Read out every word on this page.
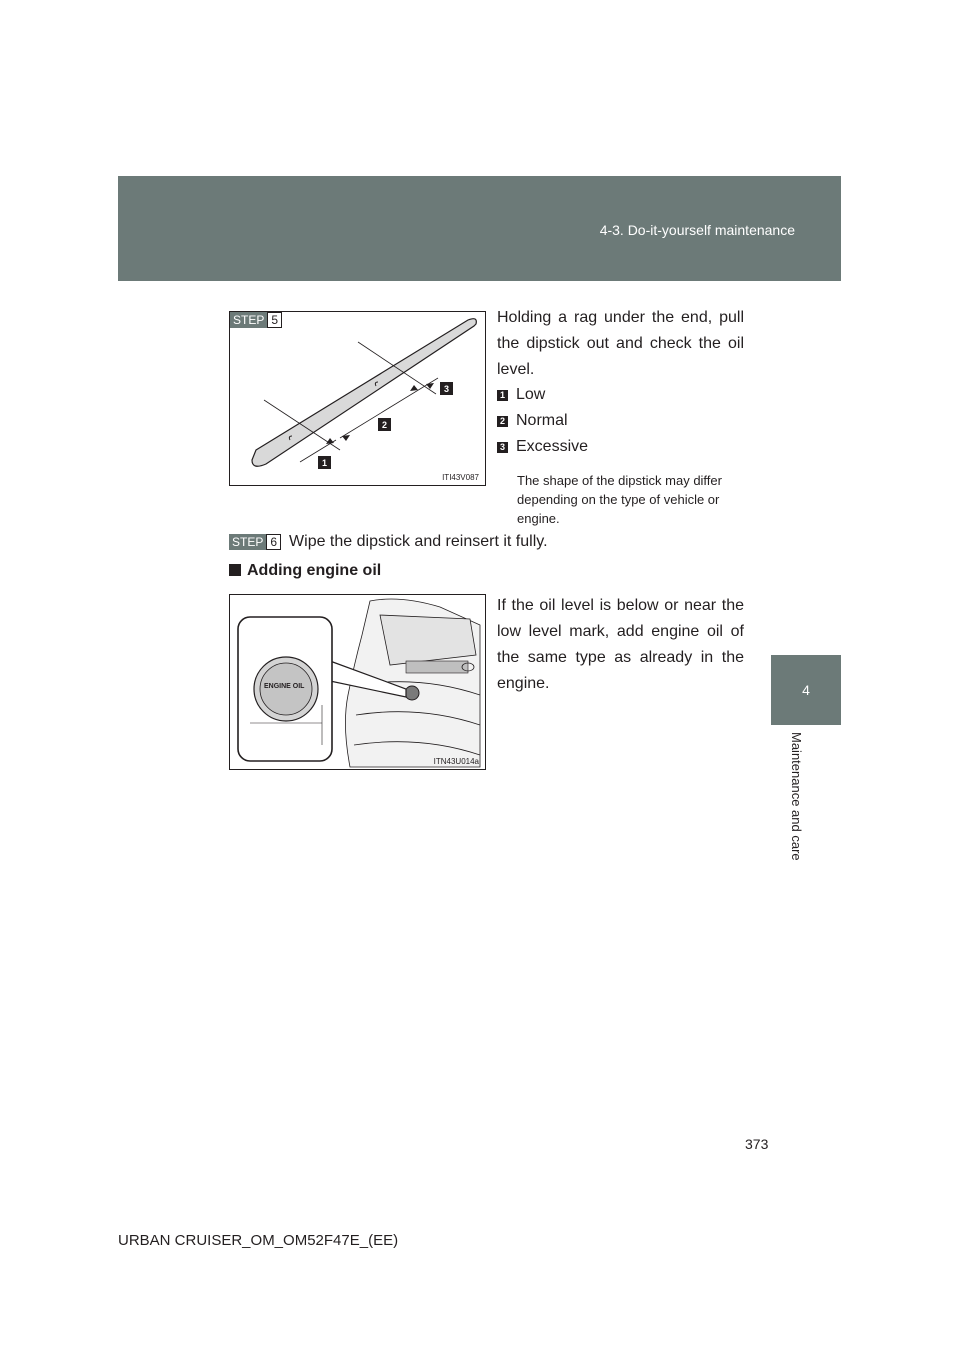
4-3. Do-it-yourself maintenance
4
Maintenance and care
STEP 5
1
2
3
ITI43V087
Holding a rag under the end, pull the dipstick out and check the oil level.
1 Low
2 Normal
3 Excessive
The shape of the dipstick may differ depending on the type of vehicle or engine.
STEP 6 Wipe the dipstick and reinsert it fully.
Adding engine oil
ENGINE OIL
ITN43U014a
If the oil level is below or near the low level mark, add engine oil of the same type as already in the engine.
373
URBAN CRUISER_OM_OM52F47E_(EE)
